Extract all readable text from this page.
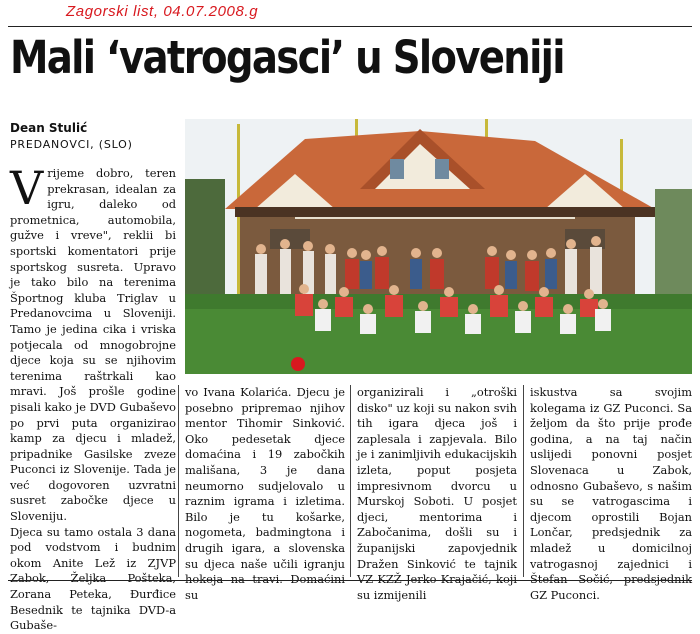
Zagorski list, 04.07.2008.g
Mali ‘vatrogasci’ u Sloveniji
Dean Stulić
PREDANOVCI, (SLO)

Vrijeme dobro, teren prekrasan, idealan za igru, daleko od prometnica, automobila, gužve i vreve", reklii bi sportski komentatori prije sportskog susreta. Upravo je tako bilo na terenima Športnog kluba Triglav u Predanovcima u Sloveniji. Tamo je jedina cika i vriska potjecala od mnogobrojne djece koja su se njihovim terenima raštrkali kao mravi. Još prošle godine pisali kako je DVD Gubaševo po prvi puta organizirao kamp za djecu i mladež, pripadnike Gasilske zveze Puconci iz Slovenije. Tada je već dogovoren uzvratni susret zabočke djece u Sloveniju.

Djeca su tamo ostala 3 dana pod vodstvom i budnim okom Anite Lež iz ZJVP Zabok, Željka Pošteka, Zorana Peteka, Đurđice Besednik te tajnika DVD-a Gubaše-

vo Ivana Kolarića. Djecu je posebno pripremao njihov mentor Tihomir Sinković. Oko pedesetak djece domaćina i 19 zabočkih mališana, 3 je dana neumorno sudjelovalo u raznim igrama i izletima. Bilo je tu košarke, nogometa, badmingtona i drugih igara, a slovenska su djeca naše učili igranju hokeja na travi. Domaćini su

organizirali i „otroški disko" uz koji su nakon svih tih igara djeca još i zaplesala i zapjevala. Bilo je i zanimljivih edukacijskih izleta, poput posjeta impresivnom dvorcu u Murskoj Soboti. U posjet djeci, mentorima i Zabočanima, došli su i županijski zapovjednik Dražen Sinković te tajnik VZ KZŽ Jerko Krajačić, koji su izmijenili

iskustva sa svojim kolegama iz GZ Puconci. Sa željom da što prije prođe godina, a na taj način uslijedi ponovni posjet Slovenaca u Zabok, odnosno Gubaševo, s našim su se vatrogascima i djecom oprostili Bojan Lončar, predsjednik za mladež u domicilnoj vatrogasnoj zajednici i Štefan Sočić, predsjednik GZ Puconci.
